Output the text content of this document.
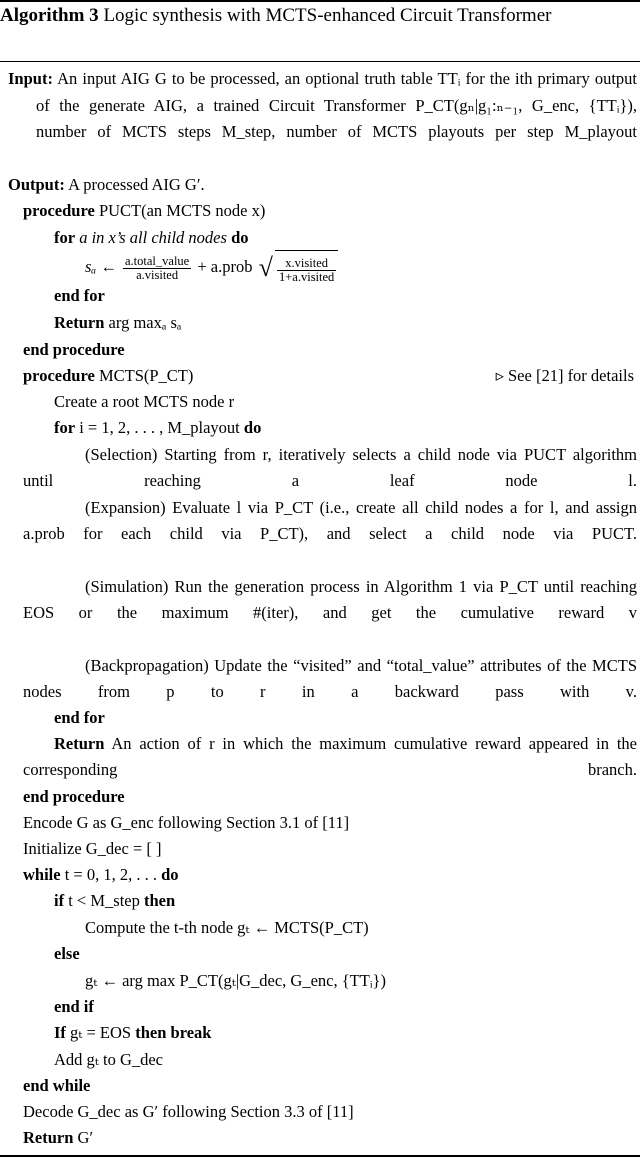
Algorithm 3 Logic synthesis with MCTS-enhanced Circuit Transformer
Input: An input AIG G to be processed, an optional truth table TTᵢ for the ith primary output of the generate AIG, a trained Circuit Transformer P_CT(gₙ|g₁:ₙ₋₁, G_enc, {TTᵢ}), number of MCTS steps M_step, number of MCTS playouts per step M_playout
Output: A processed AIG G′.
procedure PUCT(an MCTS node x)
for a in x’s all child nodes do
sₐ ← $\frac{\text{a.total\_value}}{\text{a.visited}}$ + a.prob √ $\frac{\text{x.visited}}{\text{1+a.visited}}$
end for
Return arg maxₐ sₐ
end procedure
procedure MCTS(P_CT)	▹ See [21] for details
Create a root MCTS node r
for i = 1, 2, . . . , M_playout do
(Selection) Starting from r, iteratively selects a child node via PUCT algorithm until reaching a leaf node l.
(Expansion) Evaluate l via P_CT (i.e., create all child nodes a for l, and assign a.prob for each child via P_CT), and select a child node via PUCT.
(Simulation) Run the generation process in Algorithm 1 via P_CT until reaching EOS or the maximum #(iter), and get the cumulative reward v
(Backpropagation) Update the “visited” and “total_value” attributes of the MCTS nodes from p to r in a backward pass with v.
end for
Return An action of r in which the maximum cumulative reward appeared in the corresponding branch.
end procedure
Encode G as G_enc following Section 3.1 of [11]
Initialize G_dec = [ ]
while t = 0, 1, 2, . . . do
if t < M_step then
Compute the t-th node gₜ ← MCTS(P_CT)
else
gₜ ← arg max P_CT(gₜ|G_dec, G_enc, {TTᵢ})
end if
If gₜ = EOS then break
Add gₜ to G_dec
end while
Decode G_dec as G′ following Section 3.3 of [11]
Return G′
